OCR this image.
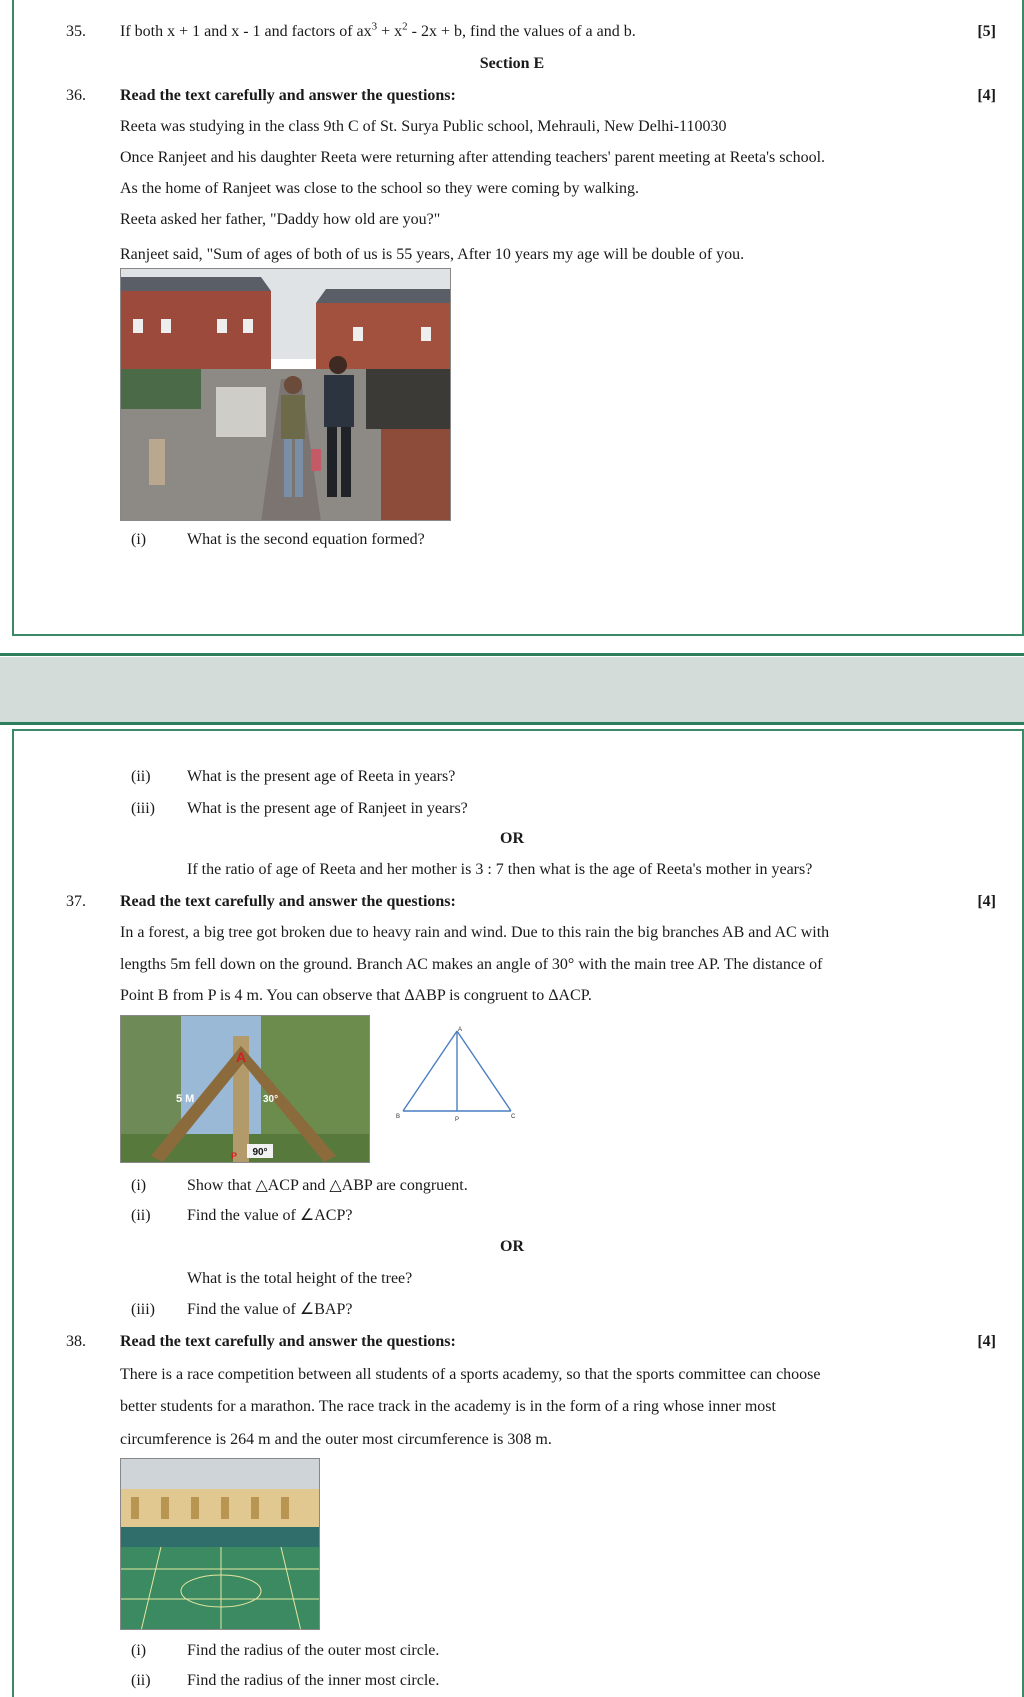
35. If both x + 1 and x - 1 and factors of $ax^3 + x^2 - 2x + b$, find the values of a and b.	[5]
Section E
36. Read the text carefully and answer the questions:	[4]
Reeta was studying in the class 9th C of St. Surya Public school, Mehrauli, New Delhi-110030
Once Ranjeet and his daughter Reeta were returning after attending teachers' parent meeting at Reeta's school.
As the home of Ranjeet was close to the school so they were coming by walking.
Reeta asked her father, "Daddy how old are you?"
Ranjeet said, "Sum of ages of both of us is 55 years, After 10 years my age will be double of you.
(i)	What is the second equation formed?
(ii) What is the present age of Reeta in years?
(iii) What is the present age of Ranjeet in years?
OR
If the ratio of age of Reeta and her mother is 3 : 7 then what is the age of Reeta's mother in years?
37. Read the text carefully and answer the questions:	[4]
In a forest, a big tree got broken due to heavy rain and wind. Due to this rain the big branches AB and AC with
lengths 5m fell down on the ground. Branch AC makes an angle of 30° with the main tree AP. The distance of
Point B from P is 4 m. You can observe that ΔABP is congruent to ΔACP.
A
5 M	30°
90°
P
A
B	P	C
(i)	Show that △ACP and △ABP are congruent.
(ii) Find the value of ∠ACP?
OR
What is the total height of the tree?
(iii) Find the value of ∠BAP?
38. Read the text carefully and answer the questions:	[4]
There is a race competition between all students of a sports academy, so that the sports committee can choose
better students for a marathon. The race track in the academy is in the form of a ring whose inner most
circumference is 264 m and the outer most circumference is 308 m.
(i)	Find the radius of the outer most circle.
(ii) Find the radius of the inner most circle.
